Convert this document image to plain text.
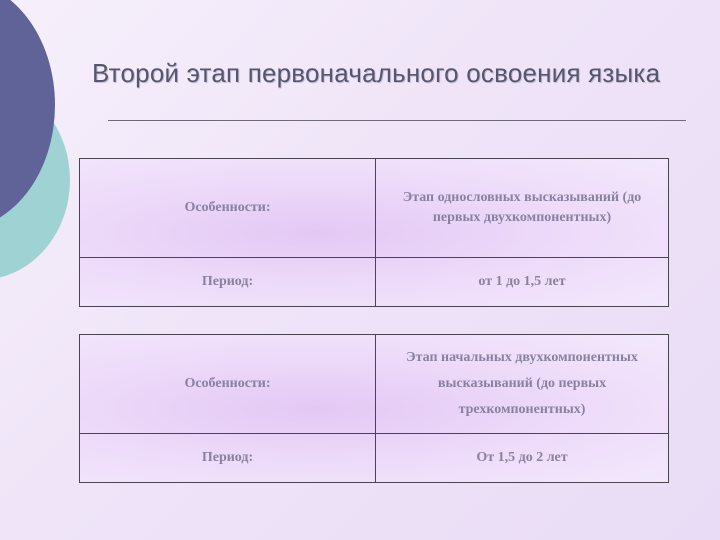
Второй этап первоначального освоения языка
Особенности:	Этап однословных высказываний (до первых двухкомпонентных)
Период:	от 1 до 1,5 лет
Особенности:	Этап начальных двухкомпонентных высказываний (до первых трехкомпонентных)
Период:	От 1,5 до 2 лет
